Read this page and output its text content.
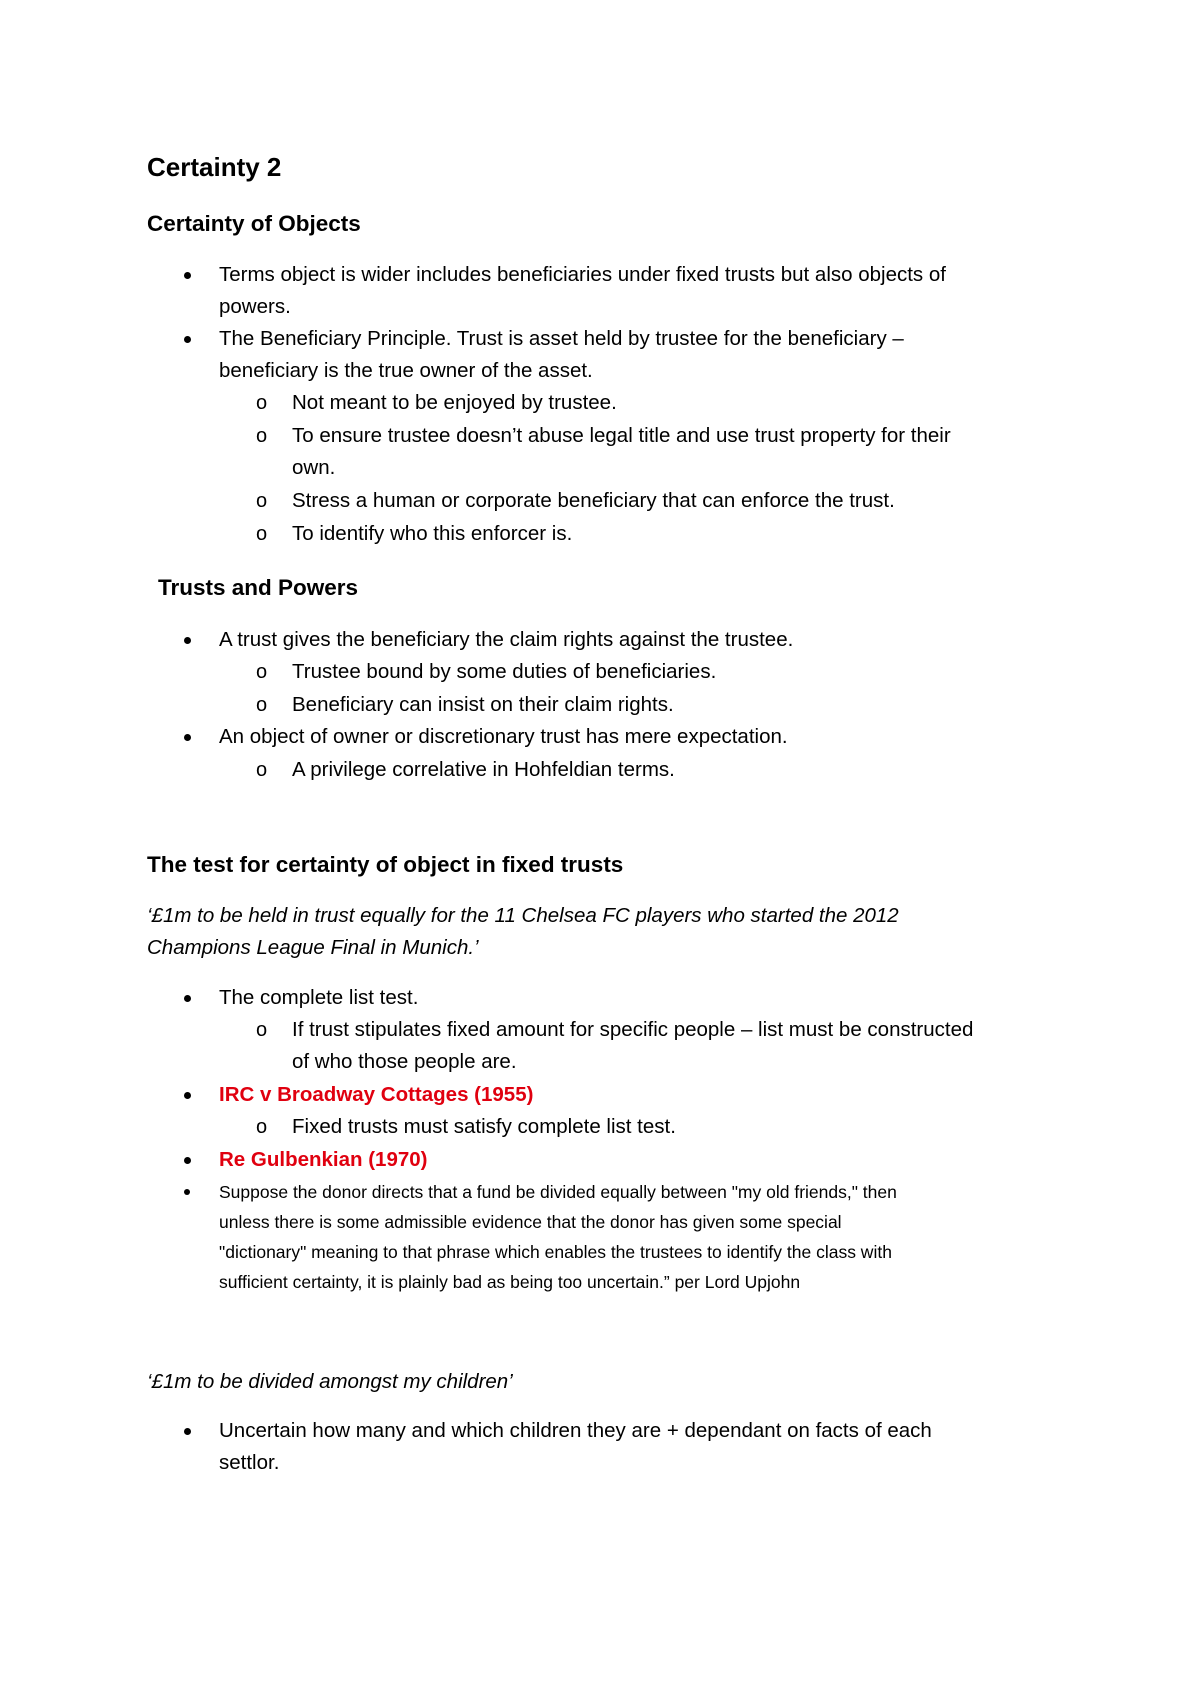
Certainty 2
Certainty of Objects
Terms object is wider includes beneficiaries under fixed trusts but also objects of
powers.
The Beneficiary Principle. Trust is asset held by trustee for the beneficiary –
beneficiary is the true owner of the asset.
o Not meant to be enjoyed by trustee.
o To ensure trustee doesn’t abuse legal title and use trust property for their
own.
o Stress a human or corporate beneficiary that can enforce the trust.
o To identify who this enforcer is.
Trusts and Powers
A trust gives the beneficiary the claim rights against the trustee.
o Trustee bound by some duties of beneficiaries.
o Beneficiary can insist on their claim rights.
An object of owner or discretionary trust has mere expectation.
o A privilege correlative in Hohfeldian terms.
The test for certainty of object in fixed trusts
‘£1m to be held in trust equally for the 11 Chelsea FC players who started the 2012
Champions League Final in Munich.’
The complete list test.
o If trust stipulates fixed amount for specific people – list must be constructed
of who those people are.
IRC v Broadway Cottages (1955)
o Fixed trusts must satisfy complete list test.
Re Gulbenkian (1970)
Suppose the donor directs that a fund be divided equally between "my old friends," then
unless there is some admissible evidence that the donor has given some special
"dictionary" meaning to that phrase which enables the trustees to identify the class with
sufficient certainty, it is plainly bad as being too uncertain.” per Lord Upjohn
‘£1m to be divided amongst my children’
Uncertain how many and which children they are + dependant on facts of each
settlor.
